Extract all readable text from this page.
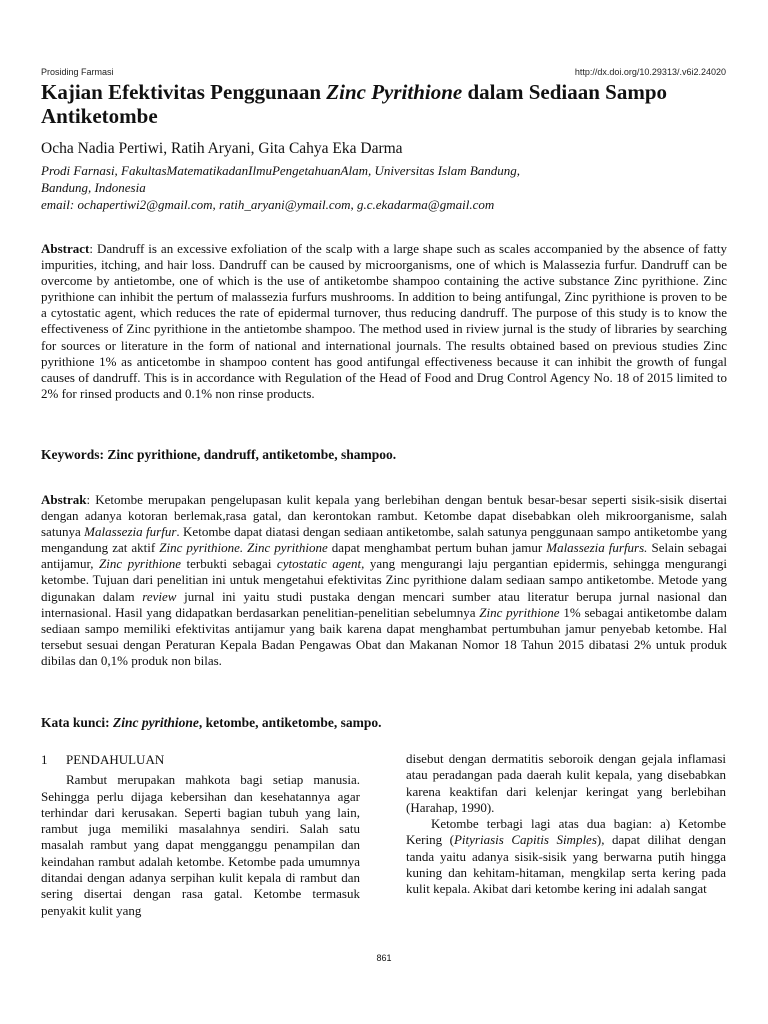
Prosiding Farmasi	http://dx.doi.org/10.29313/.v6i2.24020
Kajian Efektivitas Penggunaan Zinc Pyrithione dalam Sediaan Sampo Antiketombe
Ocha Nadia Pertiwi, Ratih Aryani, Gita Cahya Eka Darma
Prodi Farnasi, FakultasMatematikadanIlmuPengetahuanAlam, Universitas Islam Bandung,
Bandung, Indonesia
email: ochapertiwi2@gmail.com, ratih_aryani@ymail.com, g.c.ekadarma@gmail.com

Abstract: Dandruff is an excessive exfoliation of the scalp with a large shape such as scales accompanied by the absence of fatty impurities, itching, and hair loss. Dandruff can be caused by microorganisms, one of which is Malassezia furfur. Dandruff can be overcome by antietombe, one of which is the use of antiketombe shampoo containing the active substance Zinc pyrithione. Zinc pyrithione can inhibit the pertum of malassezia furfurs mushrooms. In addition to being antifungal, Zinc pyrithione is proven to be a cytostatic agent, which reduces the rate of epidermal turnover, thus reducing dandruff. The purpose of this study is to know the effectiveness of Zinc pyrithione in the antietombe shampoo. The method used in riview jurnal is the study of libraries by searching for sources or literature in the form of national and international journals. The results obtained based on previous studies Zinc pyrithione 1% as anticetombe in shampoo content has good antifungal effectiveness because it can inhibit the growth of fungal causes of dandruff. This is in accordance with Regulation of the Head of Food and Drug Control Agency No. 18 of 2015 limited to 2% for rinsed products and 0.1% non rinse products.

Keywords: Zinc pyrithione, dandruff, antiketombe, shampoo.

Abstrak: Ketombe merupakan pengelupasan kulit kepala yang berlebihan dengan bentuk besar-besar seperti sisik-sisik disertai dengan adanya kotoran berlemak,rasa gatal, dan kerontokan rambut. Ketombe dapat disebabkan oleh mikroorganisme, salah satunya Malassezia furfur. Ketombe dapat diatasi dengan sediaan antiketombe, salah satunya penggunaan sampo antiketombe yang mengandung zat aktif Zinc pyrithione. Zinc pyrithione dapat menghambat pertum buhan jamur Malassezia furfurs. Selain sebagai antijamur, Zinc pyrithione terbukti sebagai cytostatic agent, yang mengurangi laju pergantian epidermis, sehingga mengurangi ketombe. Tujuan dari penelitian ini untuk mengetahui efektivitas Zinc pyrithione dalam sediaan sampo antiketombe. Metode yang digunakan dalam review jurnal ini yaitu studi pustaka dengan mencari sumber atau literatur berupa jurnal nasional dan internasional. Hasil yang didapatkan berdasarkan penelitian-penelitian sebelumnya Zinc pyrithione 1% sebagai antiketombe dalam sediaan sampo memiliki efektivitas antijamur yang baik karena dapat menghambat pertumbuhan jamur penyebab ketombe. Hal tersebut sesuai dengan Peraturan Kepala Badan Pengawas Obat dan Makanan Nomor 18 Tahun 2015 dibatasi 2% untuk produk dibilas dan 0,1% produk non bilas.

Kata kunci: Zinc pyrithione, ketombe, antiketombe, sampo.

1 PENDAHULUAN

Rambut merupakan mahkota bagi setiap manusia. Sehingga perlu dijaga kebersihan dan kesehatannya agar terhindar dari kerusakan. Seperti bagian tubuh yang lain, rambut juga memiliki masalahnya sendiri. Salah satu masalah rambut yang dapat mengganggu penampilan dan keindahan rambut adalah ketombe. Ketombe pada umumnya ditandai dengan adanya serpihan kulit kepala di rambut dan sering disertai dengan rasa gatal. Ketombe termasuk penyakit kulit yang

disebut dengan dermatitis seboroik dengan gejala inflamasi atau peradangan pada daerah kulit kepala, yang disebabkan karena keaktifan dari kelenjar keringat yang berlebihan (Harahap, 1990).

Ketombe terbagi lagi atas dua bagian: a) Ketombe Kering (Pityriasis Capitis Simples), dapat dilihat dengan tanda yaitu adanya sisik-sisik yang berwarna putih hingga kuning dan kehitam-hitaman, mengkilap serta kering pada kulit kepala. Akibat dari ketombe kering ini adalah sangat

861
